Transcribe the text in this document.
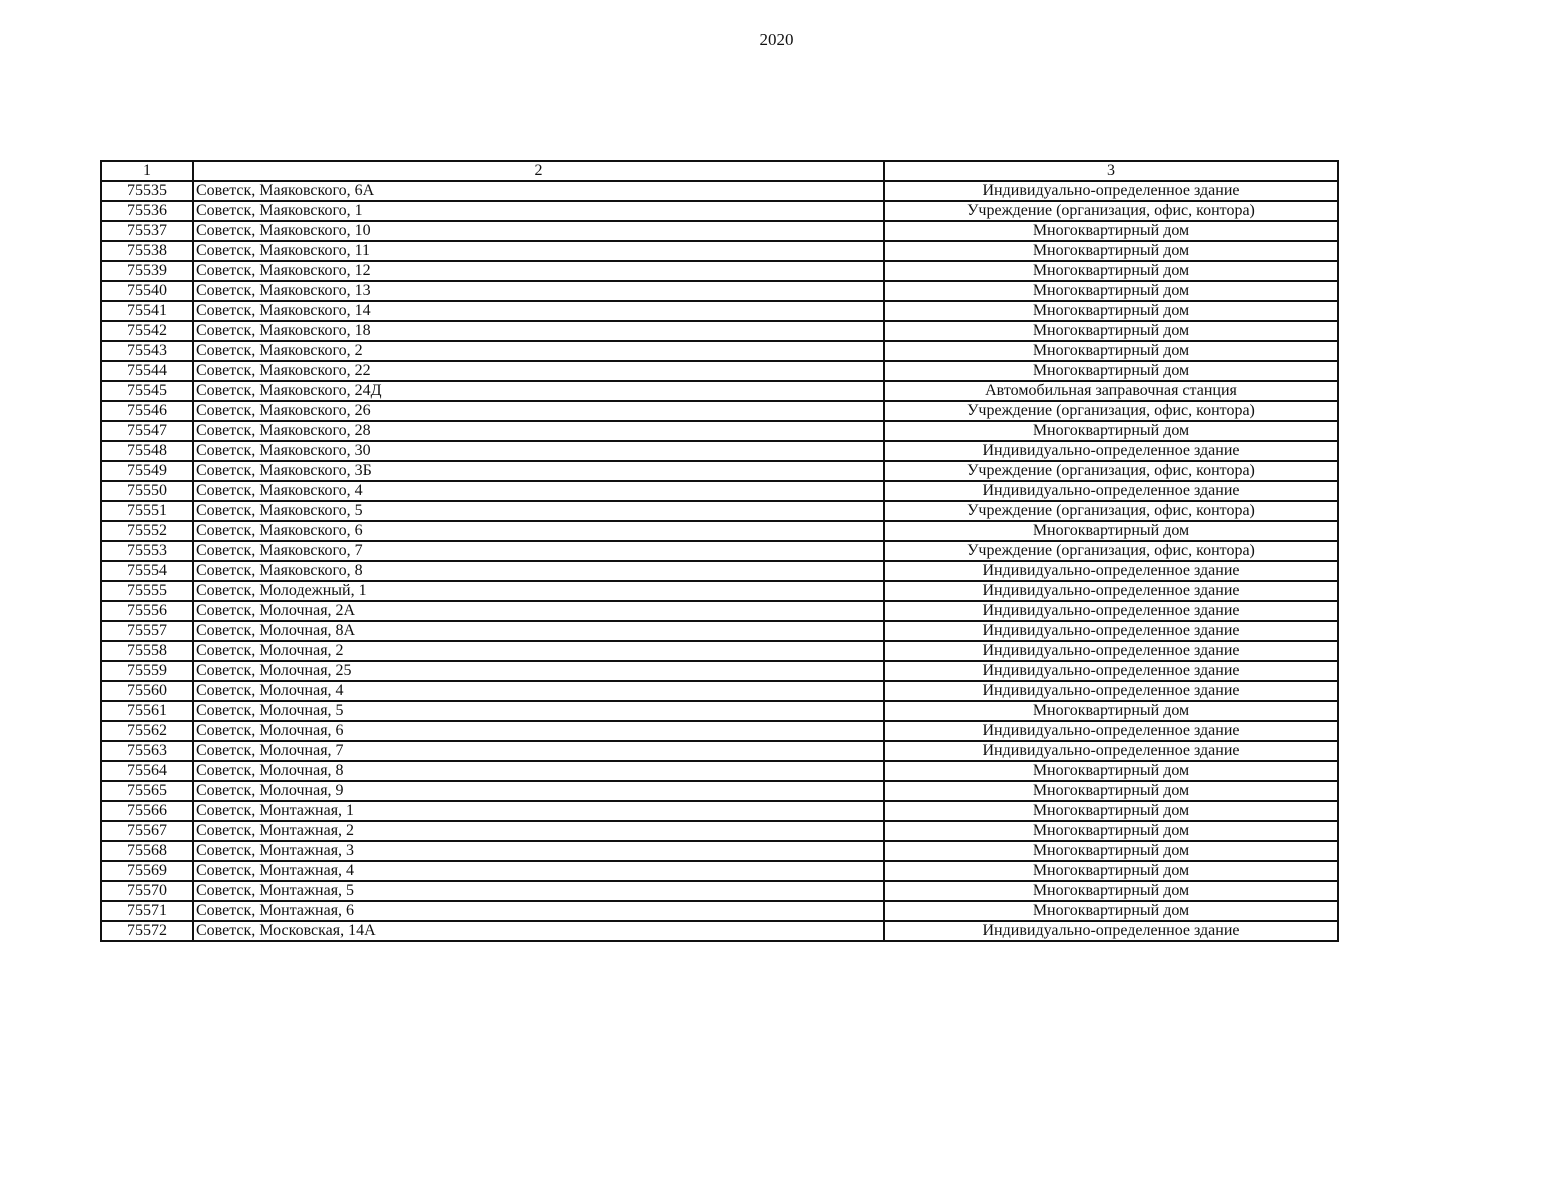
2020
1	2	3
75535	Советск, Маяковского, 6А	Индивидуально-определенное здание
75536	Советск, Маяковского, 1	Учреждение (организация, офис, контора)
75537	Советск, Маяковского, 10	Многоквартирный дом
75538	Советск, Маяковского, 11	Многоквартирный дом
75539	Советск, Маяковского, 12	Многоквартирный дом
75540	Советск, Маяковского, 13	Многоквартирный дом
75541	Советск, Маяковского, 14	Многоквартирный дом
75542	Советск, Маяковского, 18	Многоквартирный дом
75543	Советск, Маяковского, 2	Многоквартирный дом
75544	Советск, Маяковского, 22	Многоквартирный дом
75545	Советск, Маяковского, 24Д	Автомобильная заправочная станция
75546	Советск, Маяковского, 26	Учреждение (организация, офис, контора)
75547	Советск, Маяковского, 28	Многоквартирный дом
75548	Советск, Маяковского, 30	Индивидуально-определенное здание
75549	Советск, Маяковского, 3Б	Учреждение (организация, офис, контора)
75550	Советск, Маяковского, 4	Индивидуально-определенное здание
75551	Советск, Маяковского, 5	Учреждение (организация, офис, контора)
75552	Советск, Маяковского, 6	Многоквартирный дом
75553	Советск, Маяковского, 7	Учреждение (организация, офис, контора)
75554	Советск, Маяковского, 8	Индивидуально-определенное здание
75555	Советск, Молодежный, 1	Индивидуально-определенное здание
75556	Советск, Молочная, 2А	Индивидуально-определенное здание
75557	Советск, Молочная, 8А	Индивидуально-определенное здание
75558	Советск, Молочная, 2	Индивидуально-определенное здание
75559	Советск, Молочная, 25	Индивидуально-определенное здание
75560	Советск, Молочная, 4	Индивидуально-определенное здание
75561	Советск, Молочная, 5	Многоквартирный дом
75562	Советск, Молочная, 6	Индивидуально-определенное здание
75563	Советск, Молочная, 7	Индивидуально-определенное здание
75564	Советск, Молочная, 8	Многоквартирный дом
75565	Советск, Молочная, 9	Многоквартирный дом
75566	Советск, Монтажная, 1	Многоквартирный дом
75567	Советск, Монтажная, 2	Многоквартирный дом
75568	Советск, Монтажная, 3	Многоквартирный дом
75569	Советск, Монтажная, 4	Многоквартирный дом
75570	Советск, Монтажная, 5	Многоквартирный дом
75571	Советск, Монтажная, 6	Многоквартирный дом
75572	Советск, Московская, 14А	Индивидуально-определенное здание
